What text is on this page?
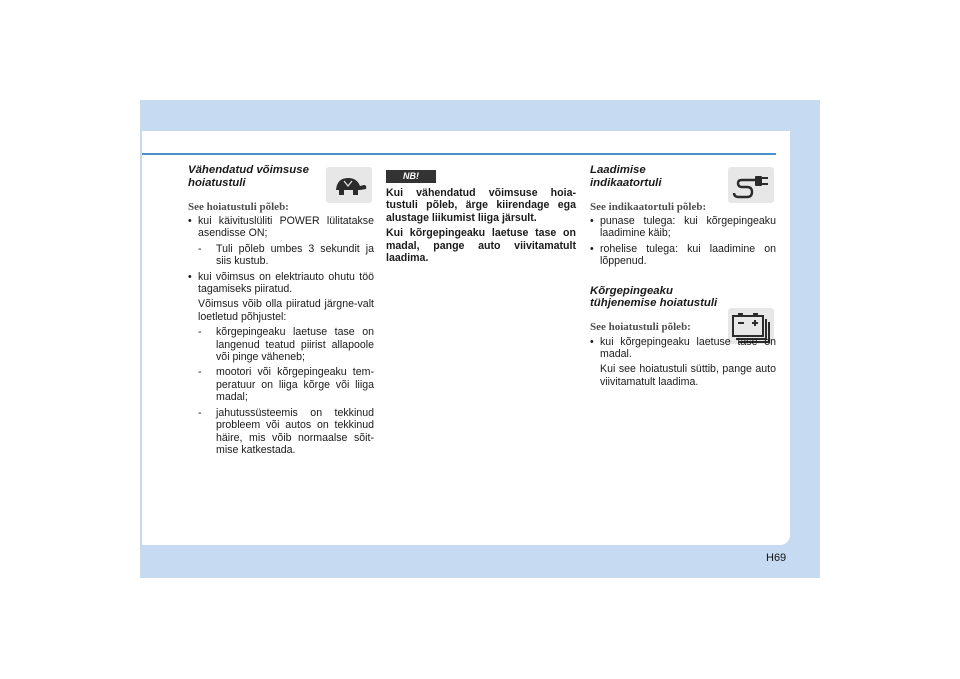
Vähendatud võimsuse hoiatustuli
See hoiatustuli põleb:
• kui käivituslüliti POWER lülitatakse asendisse ON;
- Tuli põleb umbes 3 sekundit ja siis kustub.
• kui võimsus on elektriauto ohutu töö tagamiseks piiratud.
Võimsus võib olla piiratud järgne-valt loetletud põhjustel:
- kõrgepingeaku laetuse tase on langenud teatud piirist allapoole või pinge väheneb;
- mootori või kõrgepingeaku tem-peratuur on liiga kõrge või liiga madal;
- jahutussüsteemis on tekkinud probleem või autos on tekkinud häire, mis võib normaalse sõit-mise katkestada.
NB!
Kui vähendatud võimsuse hoia-tustuli põleb, ärge kiirendage ega alustage liikumist liiga järsult.
Kui kõrgepingeaku laetuse tase on madal, pange auto viivitamatult laadima.
Laadimise indikaatortuli
See indikaatortuli põleb:
• punase tulega: kui kõrgepingeaku laadimine käib;
• rohelise tulega: kui laadimine on lõppenud.
Kõrgepingeaku tühjenemise hoiatustuli
See hoiatustuli põleb:
• kui kõrgepingeaku laetuse tase on madal.
Kui see hoiatustuli süttib, pange auto viivitamatult laadima.
H69
